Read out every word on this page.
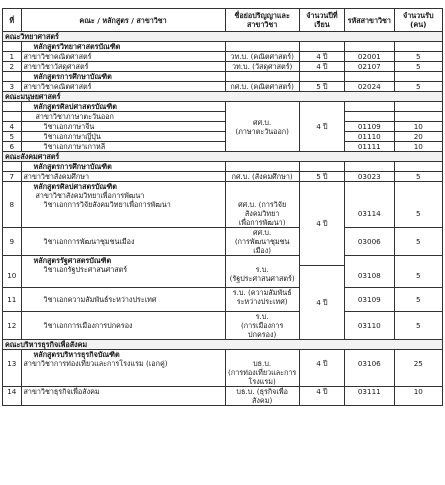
ที่	คณะ / หลักสูตร / สาขาวิชา	ชื่อย่อปริญญาและสาขาวิชา	จำนวนปีที่เรียน	รหัสสาขาวิชา	จำนวนรับ (คน)
คณะวิทยาศาสตร์					
	หลักสูตรวิทยาศาสตรบัณฑิต				
1	สาขาวิชาคณิตศาสตร์	วท.บ. (คณิตศาสตร์)	4 ปี	02001	5
2	สาขาวิชาวัสดุศาสตร์	วท.บ. (วัสดุศาสตร์)	4 ปี	02107	5
	หลักสูตรการศึกษาบัณฑิต				
3	สาขาวิชาคณิตศาสตร์	กศ.บ. (คณิตศาสตร์)	5 ปี	02024	5
คณะมนุษยศาสตร์					
	หลักสูตรศิลปศาสตรบัณฑิต	ศศ.บ.
(ภาษาตะวันออก)	4 ปี		
	สาขาวิชาภาษาตะวันออก				
4	วิชาเอกภาษาจีน			01109	10
5	วิชาเอกภาษาญี่ปุ่น			01110	20
6	วิชาเอกภาษาเกาหลี			01111	10
คณะสังคมศาสตร์					
	หลักสูตรการศึกษาบัณฑิต				
7	สาขาวิชาสังคมศึกษา	กศ.บ. (สังคมศึกษา)	5 ปี	03023	5
	หลักสูตรศิลปศาสตรบัณฑิต		4 ปี		
	สาขาวิชาสังคมวิทยาเพื่อการพัฒนา				
8	วิชาเอกการวิจัยสังคมวิทยาเพื่อการพัฒนา	ศศ.บ. (การวิจัยสังคมวิทยา
เพื่อการพัฒนา)		03114	5
9	วิชาเอกการพัฒนาชุมชนเมือง	ศศ.บ.
(การพัฒนาชุมชนเมือง)		03006	5
	หลักสูตรรัฐศาสตรบัณฑิต				
10	วิชาเอกรัฐประศาสนศาสตร์	ร.บ.
(รัฐประศาสนศาสตร์)	4 ปี	03108	5
11	วิชาเอกความสัมพันธ์ระหว่างประเทศ	ร.บ. (ความสัมพันธ์
ระหว่างประเทศ)		03109	5
12	วิชาเอกการเมืองการปกครอง	ร.บ.
(การเมืองการปกครอง)		03110	5
คณะบริหารธุรกิจเพื่อสังคม					
	หลักสูตรบริหารธุรกิจบัณฑิต				
13	สาขาวิชาการท่องเที่ยวและการโรงแรม (เอกคู่)	บธ.บ.
(การท่องเที่ยวและการโรงแรม)	4 ปี	03106	25
14	สาขาวิชาธุรกิจเพื่อสังคม	บธ.บ. (ธุรกิจเพื่อสังคม)	4 ปี	03111	10
